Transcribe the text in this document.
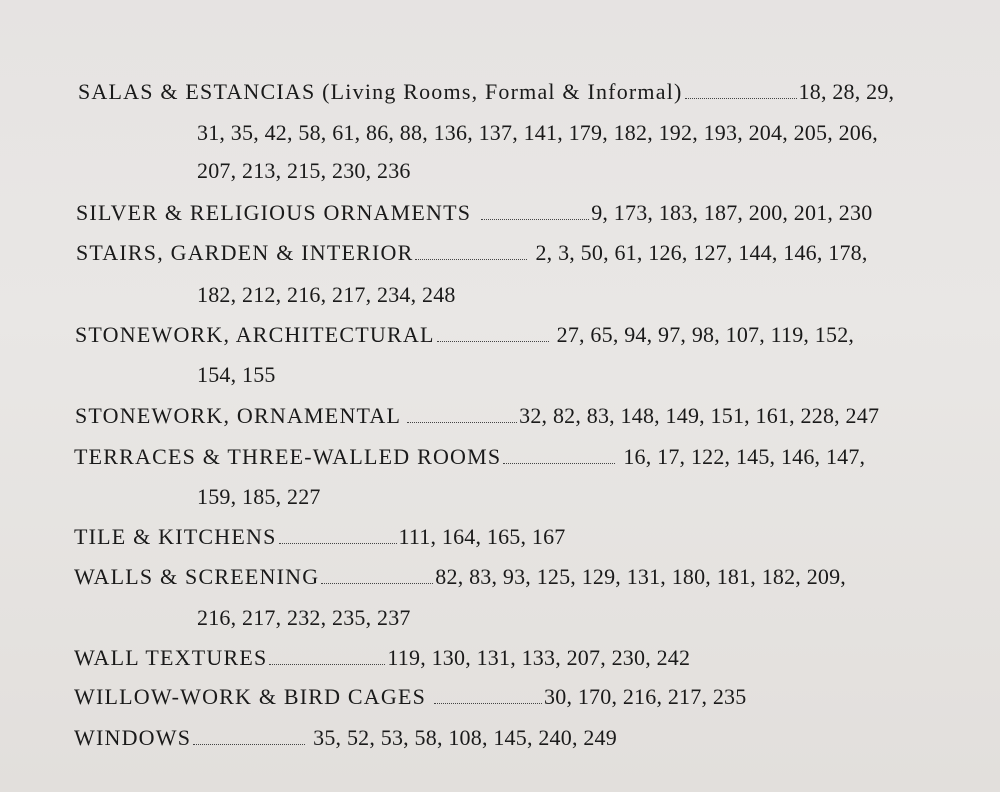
SALAS & ESTANCIAS (Living Rooms, Formal & Informal)	18, 28, 29,
31, 35, 42, 58, 61, 86, 88, 136, 137, 141, 179, 182, 192, 193, 204, 205, 206,
207, 213, 215, 230, 236
SILVER & RELIGIOUS ORNAMENTS	9, 173, 183, 187, 200, 201, 230
STAIRS, GARDEN & INTERIOR	2, 3, 50, 61, 126, 127, 144, 146, 178,
182, 212, 216, 217, 234, 248
STONEWORK, ARCHITECTURAL	27, 65, 94, 97, 98, 107, 119, 152,
154, 155
STONEWORK, ORNAMENTAL	32, 82, 83, 148, 149, 151, 161, 228, 247
TERRACES & THREE-WALLED ROOMS	16, 17, 122, 145, 146, 147,
159, 185, 227
TILE & KITCHENS	111, 164, 165, 167
WALLS & SCREENING	82, 83, 93, 125, 129, 131, 180, 181, 182, 209,
216, 217, 232, 235, 237
WALL TEXTURES	119, 130, 131, 133, 207, 230, 242
WILLOW-WORK & BIRD CAGES	30, 170, 216, 217, 235
WINDOWS	35, 52, 53, 58, 108, 145, 240, 249
